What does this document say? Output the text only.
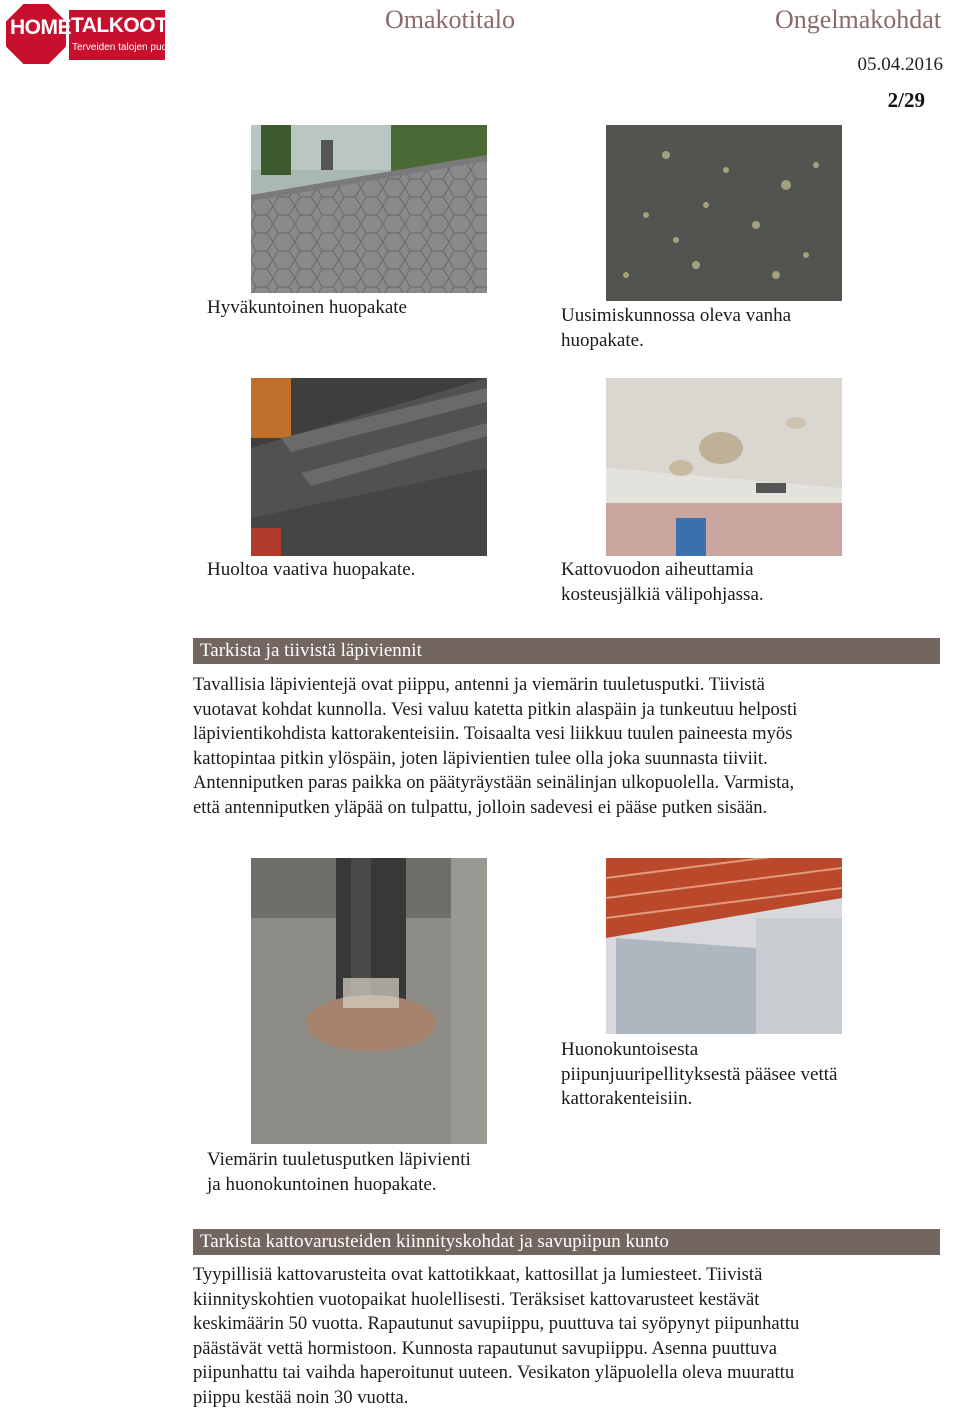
HOME TALKOOT.FI
Terveiden talojen puolesta
Omakotitalo	Ongelmakohdat
05.04.2016
2/29
Hyväkuntoinen huopakate	Uusimiskunnossa oleva vanha
huopakate.
Huoltoa vaativa huopakate.	Kattovuodon aiheuttamia
kosteusjälkiä välipohjassa.
Tarkista ja tiivistä läpiviennit
Tavallisia läpivientejä ovat piippu, antenni ja viemärin tuuletusputki. Tiivistä
vuotavat kohdat kunnolla. Vesi valuu katetta pitkin alaspäin ja tunkeutuu helposti
läpivientikohdista kattorakenteisiin. Toisaalta vesi liikkuu tuulen paineesta myös
kattopintaa pitkin ylöspäin, joten läpivientien tulee olla joka suunnasta tiiviit.
Antenniputken paras paikka on päätyräystään seinälinjan ulkopuolella. Varmista,
että antenniputken yläpää on tulpattu, jolloin sadevesi ei pääse putken sisään.
Viemärin tuuletusputken läpivienti
ja huonokuntoinen huopakate.
Huonokuntoisesta
piipunjuuripellityksestä pääsee vettä
kattorakenteisiin.
Tarkista kattovarusteiden kiinnityskohdat ja savupiipun kunto
Tyypillisiä kattovarusteita ovat kattotikkaat, kattosillat ja lumiesteet. Tiivistä
kiinnityskohtien vuotopaikat huolellisesti. Teräksiset kattovarusteet kestävät
keskimäärin 50 vuotta. Rapautunut savupiippu, puuttuva tai syöpynyt piipunhattu
päästävät vettä hormistoon. Kunnosta rapautunut savupiippu. Asenna puuttuva
piipunhattu tai vaihda haperoitunut uuteen. Vesikaton yläpuolella oleva muurattu
piippu kestää noin 30 vuotta.
